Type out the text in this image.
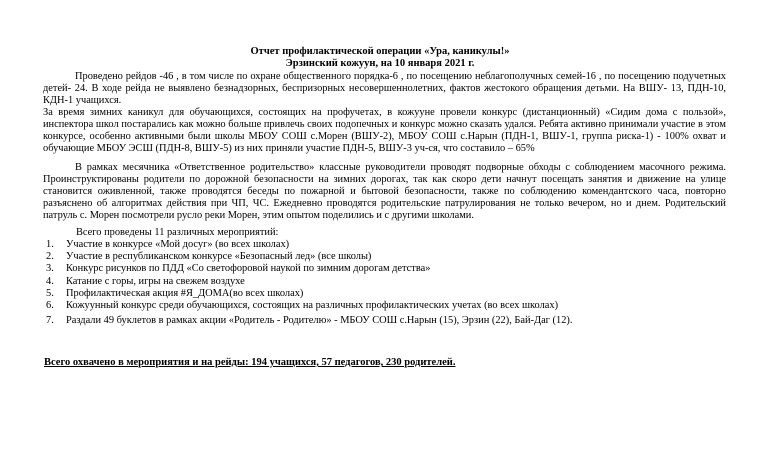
Отчет профилактической операции «Ура, каникулы!»
Эрзинский кожуун, на 10 января 2021 г.
Проведено рейдов -46 , в том числе по охране общественного порядка-6 , по посещению неблагополучных семей-16 , по посещению подучетных детей- 24. В ходе рейда не выявлено безнадзорных, беспризорных несовершеннолетних, фактов жестокого обращения детьми. На ВШУ- 13, ПДН-10, КДН-1 учащихся.
За время зимних каникул для обучающихся, состоящих на профучетах, в кожууне провели конкурс (дистанционный) «Сидим дома с пользой», инспектора школ постарались как можно больше привлечь своих подопечных и конкурс можно сказать удался. Ребята активно принимали участие в этом конкурсе, особенно активными были школы МБОУ СОШ с.Морен (ВШУ-2), МБОУ СОШ с.Нарын (ПДН-1, ВШУ-1, группа риска-1) - 100% охват и обучающие МБОУ ЭСШ (ПДН-8, ВШУ-5) из них приняли участие ПДН-5, ВШУ-3 уч-ся, что составило – 65%
В рамках месячника «Ответственное родительство» классные руководители проводят подворные обходы с соблюдением масочного режима. Проинструктированы родители по дорожной безопасности на зимних дорогах, так как скоро дети начнут посещать занятия и движение на улице становится оживленной, также проводятся беседы по пожарной и бытовой безопасности, также по соблюдению комендантского часа, повторно разъяснено об алгоритмах действия при ЧП, ЧС. Ежедневно проводятся родительские патрулирования не только вечером, но и днем. Родительский патруль с. Морен посмотрели русло реки Морен, этим опытом поделились и с другими школами.
Всего проведены 11 различных мероприятий:
1. Участие в конкурсе «Мой досуг» (во всех школах)
2. Участие в республиканском конкурсе «Безопасный лед» (все школы)
3. Конкурс рисунков по ПДД «Со светофоровой наукой по зимним дорогам детства»
4. Катание с горы, игры на свежем воздухе
5. Профилактическая акция #Я_ДОМА(во всех школах)
6. Кожуунный конкурс среди обучающихся, состоящих на различных профилактических учетах (во всех школах)
7. Раздали 49 буклетов в рамках акции «Родитель - Родителю» - МБОУ СОШ с.Нарын (15), Эрзин (22), Бай-Даг (12).
Всего охвачено в мероприятия и на рейды: 194 учащихся, 57 педагогов, 230 родителей.
